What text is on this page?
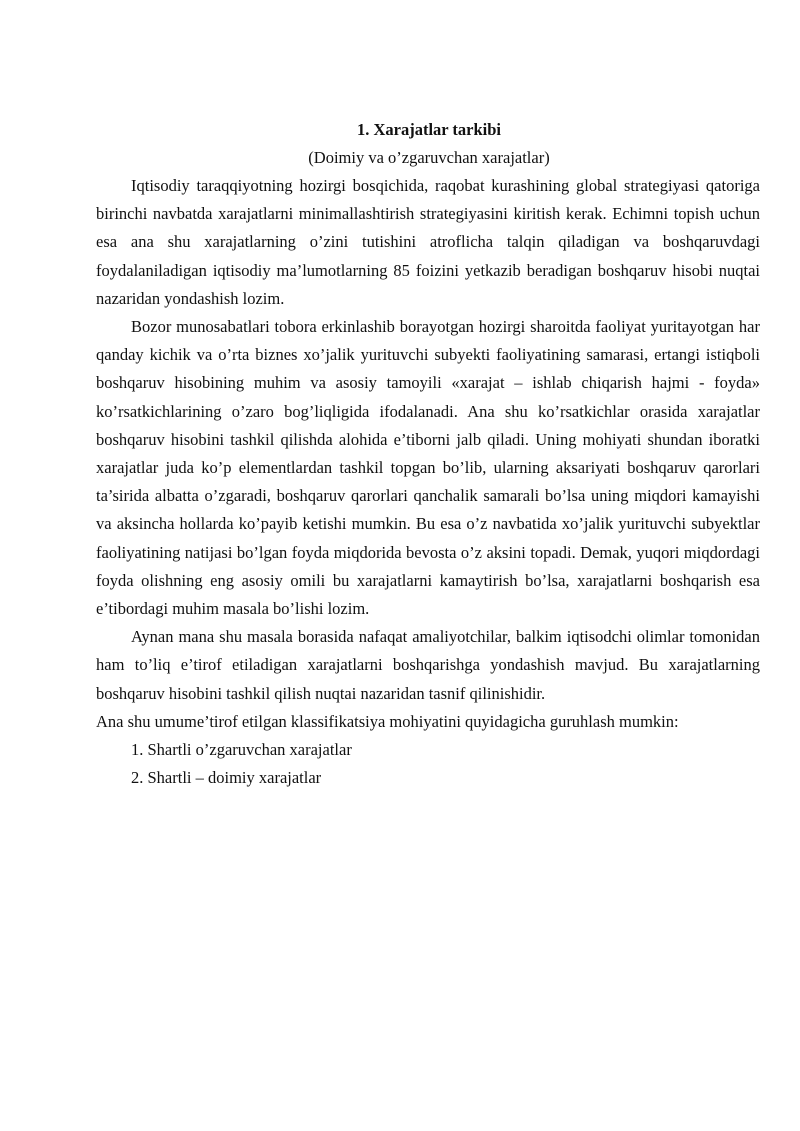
1. Xarajatlar tarkibi

(Doimiy va o’zgaruvchan xarajatlar)

Iqtisodiy taraqqiyotning hozirgi bosqichida, raqobat kurashining global strategiyasi qatoriga birinchi navbatda xarajatlarni minimallashtirish strategiyasini kiritish kerak. Echimni topish uchun esa ana shu xarajatlarning o’zini tutishini atroflicha talqin qiladigan va boshqaruvdagi foydalaniladigan iqtisodiy ma’lumotlarning 85 foizini yetkazib beradigan boshqaruv hisobi nuqtai nazaridan yondashish lozim.

Bozor munosabatlari tobora erkinlashib borayotgan hozirgi sharoitda faoliyat yuritayotgan har qanday kichik va o’rta biznes xo’jalik yurituvchi subyekti faoliyatining samarasi, ertangi istiqboli boshqaruv hisobining muhim va asosiy tamoyili «xarajat – ishlab chiqarish hajmi - foyda» ko’rsatkichlarining o’zaro bog’liqligida ifodalanadi. Ana shu ko’rsatkichlar orasida xarajatlar boshqaruv hisobini tashkil qilishda alohida e’tiborni jalb qiladi. Uning mohiyati shundan iboratki xarajatlar juda ko’p elementlardan tashkil topgan bo’lib, ularning aksariyati boshqaruv qarorlari ta’sirida albatta o’zgaradi, boshqaruv qarorlari qanchalik samarali bo’lsa uning miqdori kamayishi va aksincha hollarda ko’payib ketishi mumkin. Bu esa o’z navbatida xo’jalik yurituvchi subyektlar faoliyatining natijasi bo’lgan foyda miqdorida bevosta o’z aksini topadi. Demak, yuqori miqdordagi foyda olishning eng asosiy omili bu xarajatlarni kamaytirish bo’lsa, xarajatlarni boshqarish esa e’tibordagi muhim masala bo’lishi lozim.

Aynan mana shu masala borasida nafaqat amaliyotchilar, balkim iqtisodchi olimlar tomonidan ham to’liq e’tirof etiladigan xarajatlarni boshqarishga yondashish mavjud. Bu xarajatlarning boshqaruv hisobini tashkil qilish nuqtai nazaridan tasnif qilinishidir.

Ana shu umume’tirof etilgan klassifikatsiya mohiyatini quyidagicha guruhlash mumkin:

1. Shartli o’zgaruvchan xarajatlar

2. Shartli – doimiy xarajatlar
